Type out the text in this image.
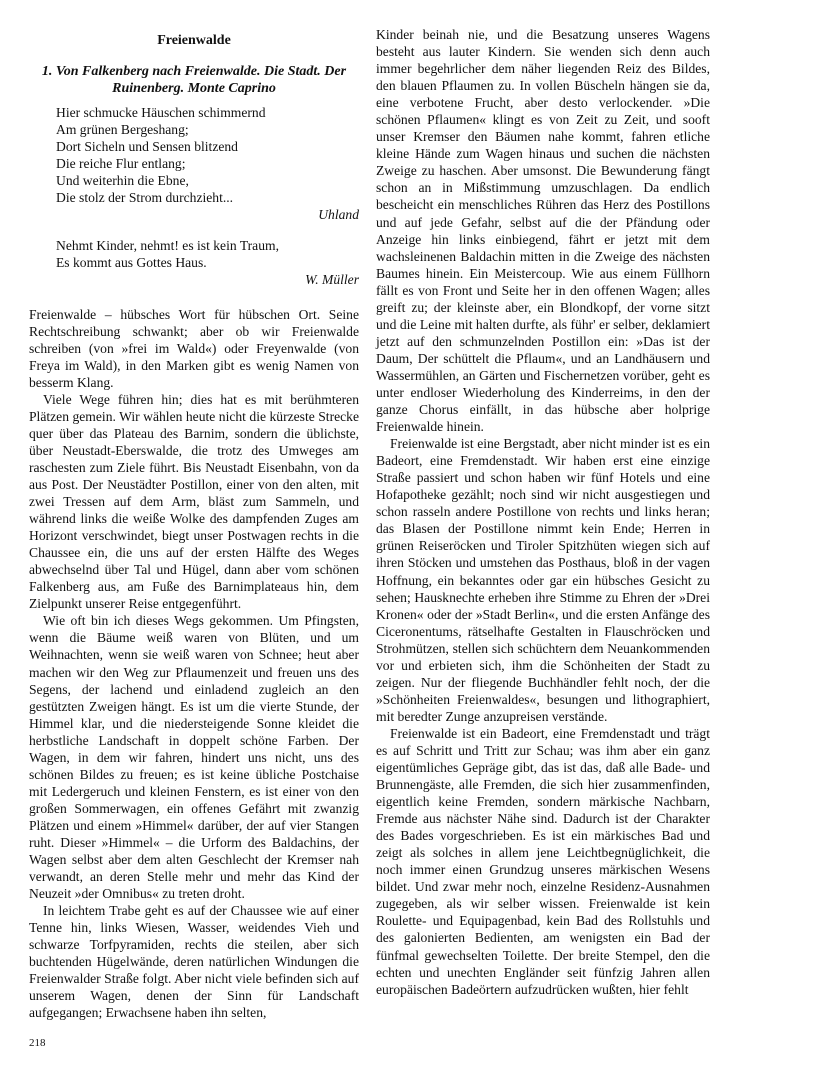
Freienwalde
1. Von Falkenberg nach Freienwalde. Die Stadt. Der Ruinenberg. Monte Caprino
Hier schmucke Häuschen schimmernd
Am grünen Bergeshang;
Dort Sicheln und Sensen blitzend
Die reiche Flur entlang;
Und weiterhin die Ebne,
Die stolz der Strom durchzieht...
Uhland
Nehmt Kinder, nehmt! es ist kein Traum,
Es kommt aus Gottes Haus.
W. Müller

Freienwalde – hübsches Wort für hübschen Ort. Seine Rechtschreibung schwankt; aber ob wir Freienwalde schreiben (von »frei im Wald«) oder Freyenwalde (von Freya im Wald), in den Marken gibt es wenig Namen von besserm Klang.

Viele Wege führen hin; dies hat es mit berühmteren Plätzen gemein. Wir wählen heute nicht die kürzeste Strecke quer über das Plateau des Barnim, sondern die üblichste, über Neustadt-Eberswalde, die trotz des Umweges am raschesten zum Ziele führt. Bis Neustadt Eisenbahn, von da aus Post. Der Neustädter Postillon, einer von den alten, mit zwei Tressen auf dem Arm, bläst zum Sammeln, und während links die weiße Wolke des dampfenden Zuges am Horizont verschwindet, biegt unser Postwagen rechts in die Chaussee ein, die uns auf der ersten Hälfte des Weges abwechselnd über Tal und Hügel, dann aber vom schönen Falkenberg aus, am Fuße des Barnimplateaus hin, dem Zielpunkt unserer Reise entgegenführt.

Wie oft bin ich dieses Wegs gekommen. Um Pfingsten, wenn die Bäume weiß waren von Blüten, und um Weihnachten, wenn sie weiß waren von Schnee; heut aber machen wir den Weg zur Pflaumenzeit und freuen uns des Segens, der lachend und einladend zugleich an den gestützten Zweigen hängt. Es ist um die vierte Stunde, der Himmel klar, und die niedersteigende Sonne kleidet die herbstliche Landschaft in doppelt schöne Farben. Der Wagen, in dem wir fahren, hindert uns nicht, uns des schönen Bildes zu freuen; es ist keine übliche Postchaise mit Ledergeruch und kleinen Fenstern, es ist einer von den großen Sommerwagen, ein offenes Gefährt mit zwanzig Plätzen und einem »Himmel« darüber, der auf vier Stangen ruht. Dieser »Himmel« – die Urform des Baldachins, der Wagen selbst aber dem alten Geschlecht der Kremser nah verwandt, an deren Stelle mehr und mehr das Kind der Neuzeit »der Omnibus« zu treten droht.

In leichtem Trabe geht es auf der Chaussee wie auf einer Tenne hin, links Wiesen, Wasser, weidendes Vieh und schwarze Torfpyramiden, rechts die steilen, aber sich buchtenden Hügelwände, deren natürlichen Windungen die Freienwalder Straße folgt. Aber nicht viele befinden sich auf unserem Wagen, denen der Sinn für Landschaft aufgegangen; Erwachsene haben ihn selten,

Kinder beinah nie, und die Besatzung unseres Wagens besteht aus lauter Kindern. Sie wenden sich denn auch immer begehrlicher dem näher liegenden Reiz des Bildes, den blauen Pflaumen zu. In vollen Büscheln hängen sie da, eine verbotene Frucht, aber desto verlockender. »Die schönen Pflaumen« klingt es von Zeit zu Zeit, und sooft unser Kremser den Bäumen nahe kommt, fahren etliche kleine Hände zum Wagen hinaus und suchen die nächsten Zweige zu haschen. Aber umsonst. Die Bewunderung fängt schon an in Mißstimmung umzuschlagen. Da endlich bescheicht ein menschliches Rühren das Herz des Postillons und auf jede Gefahr, selbst auf die der Pfändung oder Anzeige hin links einbiegend, fährt er jetzt mit dem wachsleinenen Baldachin mitten in die Zweige des nächsten Baumes hinein. Ein Meistercoup. Wie aus einem Füllhorn fällt es von Front und Seite her in den offenen Wagen; alles greift zu; der kleinste aber, ein Blondkopf, der vorne sitzt und die Leine mit halten durfte, als führ' er selber, deklamiert jetzt auf den schmunzelnden Postillon ein: »Das ist der Daum, Der schüttelt die Pflaum«, und an Landhäusern und Wassermühlen, an Gärten und Fischernetzen vorüber, geht es unter endloser Wiederholung des Kinderreims, in den der ganze Chorus einfällt, in das hübsche aber holprige Freienwalde hinein.

Freienwalde ist eine Bergstadt, aber nicht minder ist es ein Badeort, eine Fremdenstadt. Wir haben erst eine einzige Straße passiert und schon haben wir fünf Hotels und eine Hofapotheke gezählt; noch sind wir nicht ausgestiegen und schon rasseln andere Postillone von rechts und links heran; das Blasen der Postillone nimmt kein Ende; Herren in grünen Reiseröcken und Tiroler Spitzhüten wiegen sich auf ihren Stöcken und umstehen das Posthaus, bloß in der vagen Hoffnung, ein bekanntes oder gar ein hübsches Gesicht zu sehen; Hausknechte erheben ihre Stimme zu Ehren der »Drei Kronen« oder der »Stadt Berlin«, und die ersten Anfänge des Ciceronentums, rätselhafte Gestalten in Flauschröcken und Strohmützen, stellen sich schüchtern dem Neuankommenden vor und erbieten sich, ihm die Schönheiten der Stadt zu zeigen. Nur der fliegende Buchhändler fehlt noch, der die »Schönheiten Freienwaldes«, besungen und lithographiert, mit beredter Zunge anzupreisen verstände.

Freienwalde ist ein Badeort, eine Fremdenstadt und trägt es auf Schritt und Tritt zur Schau; was ihm aber ein ganz eigentümliches Gepräge gibt, das ist das, daß alle Bade- und Brunnengäste, alle Fremden, die sich hier zusammenfinden, eigentlich keine Fremden, sondern märkische Nachbarn, Fremde aus nächster Nähe sind. Dadurch ist der Charakter des Bades vorgeschrieben. Es ist ein märkisches Bad und zeigt als solches in allem jene Leichtbegnüglichkeit, die noch immer einen Grundzug unseres märkischen Wesens bildet. Und zwar mehr noch, einzelne Residenz-Ausnahmen zugegeben, als wir selber wissen. Freienwalde ist kein Roulette- und Equipagenbad, kein Bad des Rollstuhls und des galonierten Bedienten, am wenigsten ein Bad der fünfmal gewechselten Toilette. Der breite Stempel, den die echten und unechten Engländer seit fünfzig Jahren allen europäischen Badeörtern aufzudrücken wußten, hier fehlt

218
